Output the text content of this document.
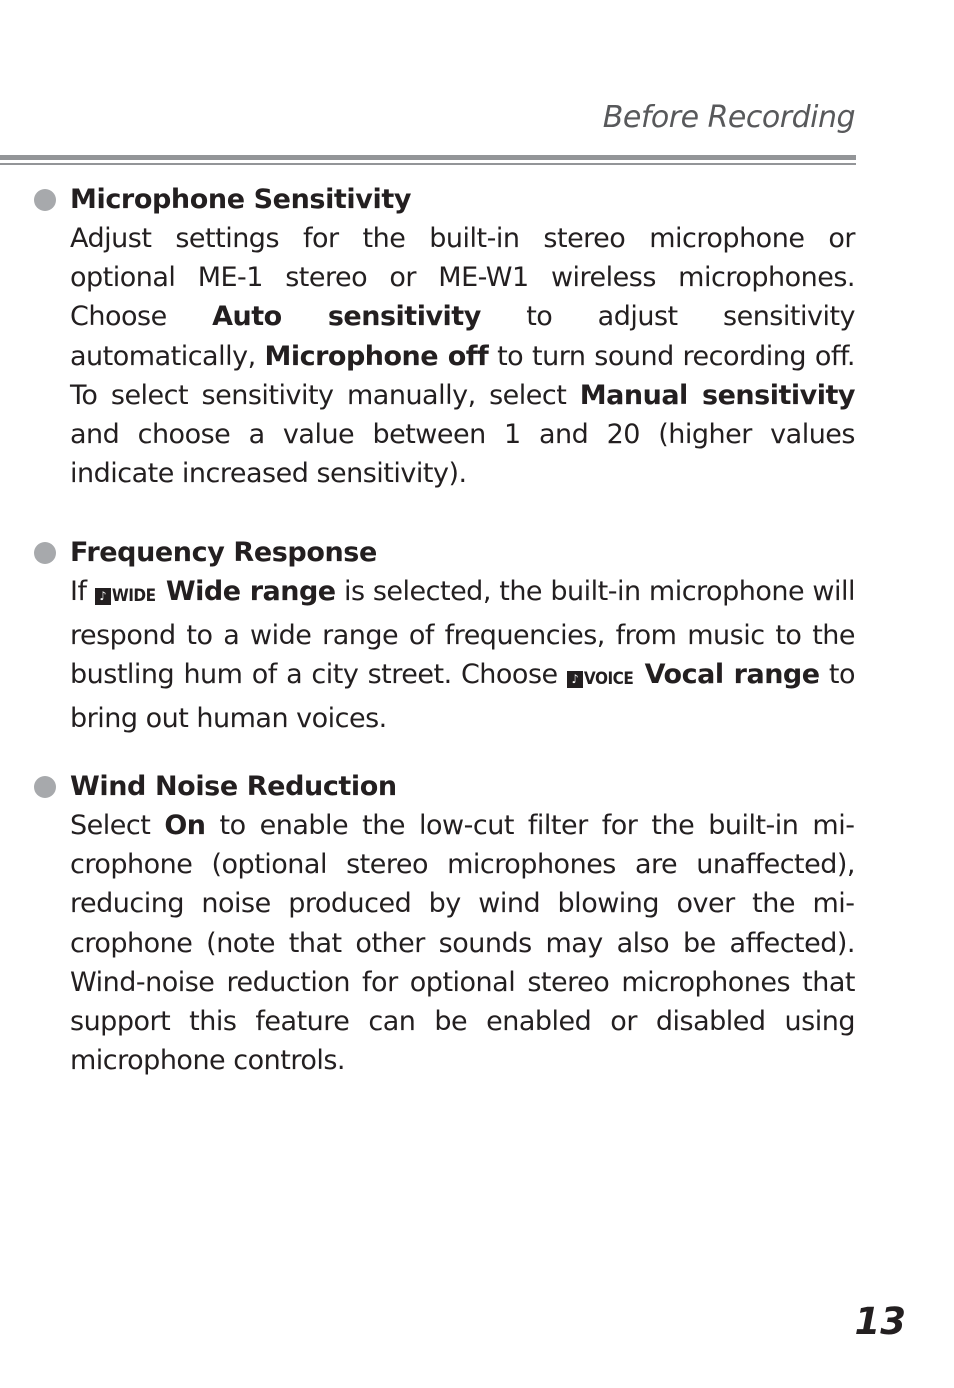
Before Recording
Microphone Sensitivity
Adjust settings for the built-in stereo microphone or optional ME-1 stereo or ME-W1 wireless microphones. Choose Auto sensitivity to adjust sensitivity automatically, Microphone off to turn sound recording off. To select sensitivity manually, select Manual sensitivity and choose a value between 1 and 20 (higher values indicate increased sensitivity).
Frequency Response
If ♪ WIDE Wide range is selected, the built-in microphone will respond to a wide range of frequencies, from music to the bustling hum of a city street. Choose ♪ VOICE Vocal range to bring out human voices.
Wind Noise Reduction
Select On to enable the low-cut filter for the built-in microphone (optional stereo microphones are unaffected), reducing noise produced by wind blowing over the microphone (note that other sounds may also be affected). Wind-noise reduction for optional stereo microphones that support this feature can be enabled or disabled using microphone controls.
13
